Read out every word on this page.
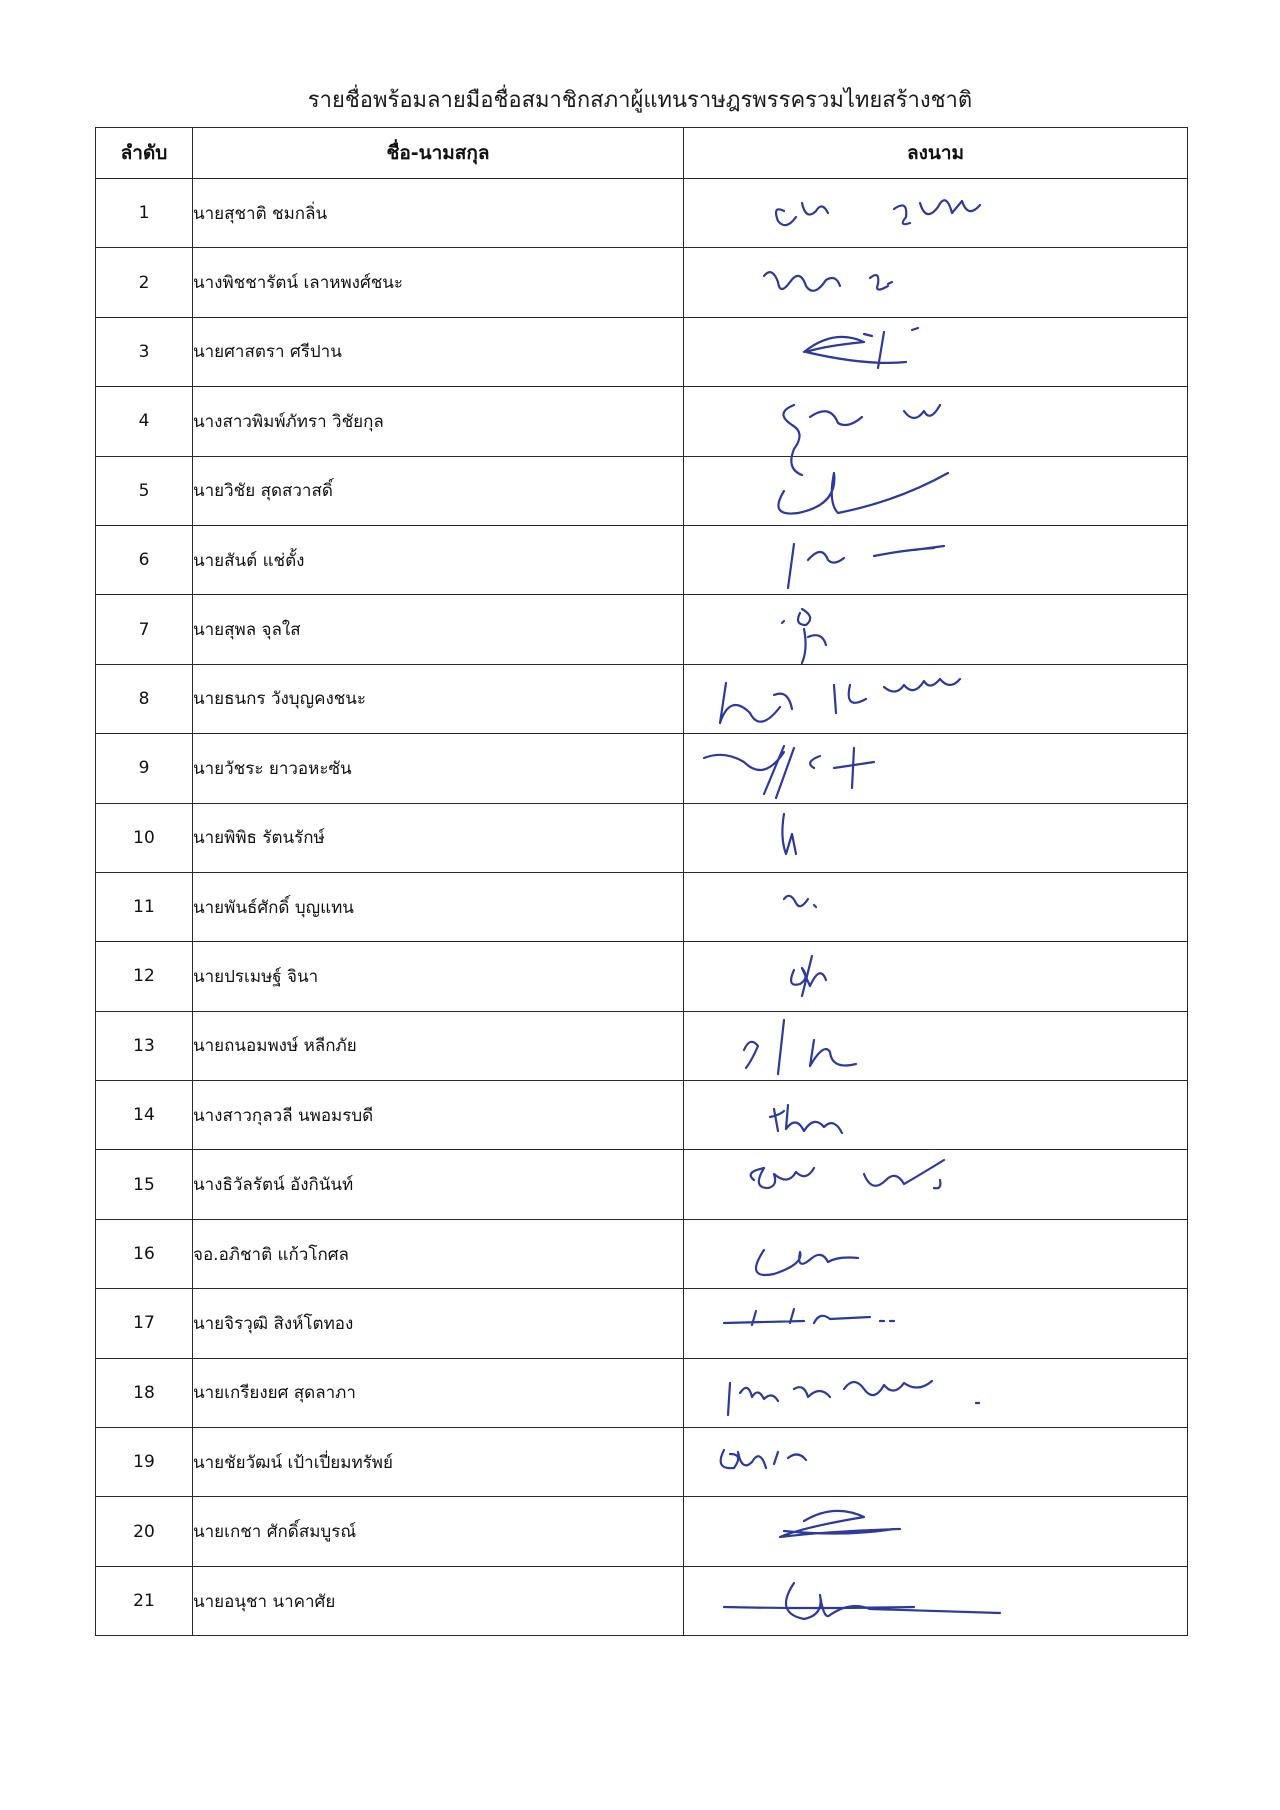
รายชื่อพร้อมลายมือชื่อสมาชิกสภาผู้แทนราษฎรพรรครวมไทยสร้างชาติ
ลำดับ	ชื่อ-นามสกุล	ลงนาม
1	นายสุชาติ ชมกลิ่น	

2	นางพิชชารัตน์ เลาหพงศ์ชนะ	

3	นายศาสตรา ศรีปาน	

4	นางสาวพิมพ์ภัทรา วิชัยกุล	

5	นายวิชัย สุดสวาสดิ์	

6	นายสันต์ แช่ตั้ง	

7	นายสุพล จุลใส	

8	นายธนกร วังบุญคงชนะ	

9	นายวัชระ ยาวอหะซัน	

10	นายพิพิธ รัตนรักษ์	

11	นายพันธ์ศักดิ์ บุญแทน	

12	นายปรเมษฐ์ จินา	

13	นายถนอมพงษ์ หลีกภัย	

14	นางสาวกุลวลี นพอมรบดี	

15	นางธิวัลรัตน์ อังกินันท์	

16	จอ.อภิชาติ แก้วโกศล	

17	นายจิรวุฒิ สิงห์โตทอง	

18	นายเกรียงยศ สุดลาภา	

19	นายชัยวัฒน์ เป้าเปี่ยมทรัพย์	

20	นายเกชา ศักดิ์สมบูรณ์	

21	นายอนุชา นาคาศัย	
